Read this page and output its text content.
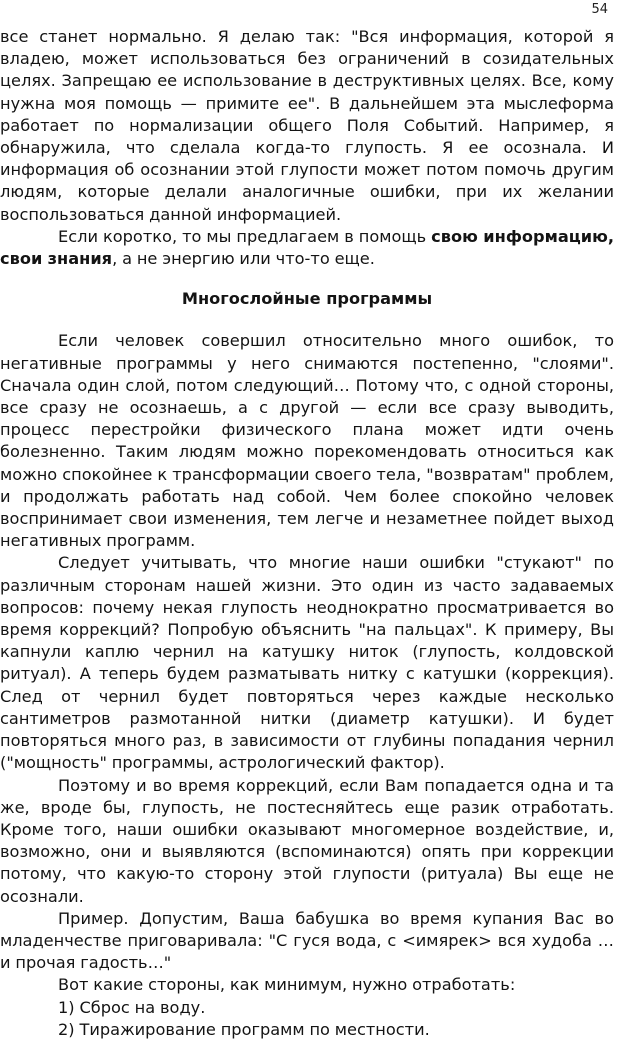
54

все станет нормально. Я делаю так: "Вся информация, которой я владею, может использоваться без ограничений в созидательных целях. Запрещаю ее использование в деструктивных целях. Все, кому нужна моя помощь — примите ее". В дальнейшем эта мыслеформа работает по нормализации общего Поля Событий. Например, я обнаружила, что сделала когда-то глупость. Я ее осознала. И информация об осознании этой глупости может потом помочь другим людям, которые делали аналогичные ошибки, при их желании воспользоваться данной информацией.

Если коротко, то мы предлагаем в помощь свою информацию, свои знания, а не энергию или что-то еще.

Многослойные программы

Если человек совершил относительно много ошибок, то негативные программы у него снимаются постепенно, "слоями". Сначала один слой, потом следующий… Потому что, с одной стороны, все сразу не осознаешь, а с другой — если все сразу выводить, процесс перестройки физического плана может идти очень болезненно. Таким людям можно порекомендовать относиться как можно спокойнее к трансформации своего тела, "возвратам" проблем, и продолжать работать над собой. Чем более спокойно человек воспринимает свои изменения, тем легче и незаметнее пойдет выход негативных программ.

Следует учитывать, что многие наши ошибки "стукают" по различным сторонам нашей жизни. Это один из часто задаваемых вопросов: почему некая глупость неоднократно просматривается во время коррекций? Попробую объяснить "на пальцах". К примеру, Вы капнули каплю чернил на катушку ниток (глупость, колдовской ритуал). А теперь будем разматывать нитку с катушки (коррекция). След от чернил будет повторяться через каждые несколько сантиметров размотанной нитки (диаметр катушки). И будет повторяться много раз, в зависимости от глубины попадания чернил ("мощность" программы, астрологический фактор).

Поэтому и во время коррекций, если Вам попадается одна и та же, вроде бы, глупость, не постесняйтесь еще разик отработать. Кроме того, наши ошибки оказывают многомерное воздействие, и, возможно, они и выявляются (вспоминаются) опять при коррекции потому, что какую-то сторону этой глупости (ритуала) Вы еще не осознали.

Пример. Допустим, Ваша бабушка во время купания Вас во младенчестве приговаривала: "С гуся вода, с <имярек> вся худоба … и прочая гадость…"

Вот какие стороны, как минимум, нужно отработать:

1) Сброс на воду.

2) Тиражирование программ по местности.
